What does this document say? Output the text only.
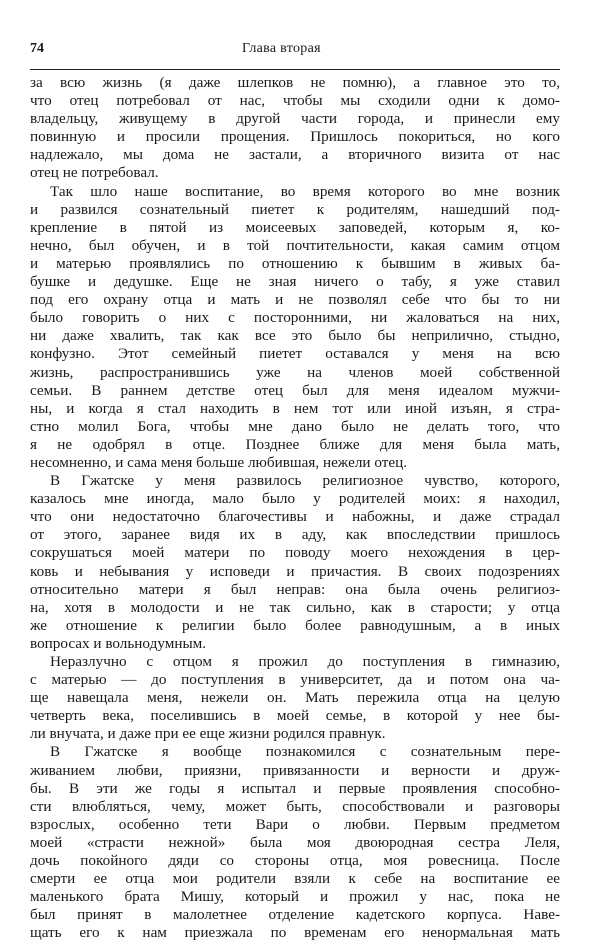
74	Глава вторая
за всю жизнь (я даже шлепков не помню), а главное это то,
что отец потребовал от нас, чтобы мы сходили одни к домо-
владельцу, живущему в другой части города, и принесли ему
повинную и просили прощения. Пришлось покориться, но кого
надлежало, мы дома не застали, а вторичного визита от нас
отец не потребовал.
Так шло наше воспитание, во время которого во мне возник
и развился сознательный пиетет к родителям, нашедший под-
крепление в пятой из моисеевых заповедей, которым я, ко-
нечно, был обучен, и в той почтительности, какая самим отцом
и матерью проявлялись по отношению к бывшим в живых ба-
бушке и дедушке. Еще не зная ничего о табу, я уже ставил
под его охрану отца и мать и не позволял себе что бы то ни
было говорить о них с посторонними, ни жаловаться на них,
ни даже хвалить, так как все это было бы неприлично, стыдно,
конфузно. Этот семейный пиетет оставался у меня на всю
жизнь, распространившись уже на членов моей собственной
семьи. В раннем детстве отец был для меня идеалом мужчи-
ны, и когда я стал находить в нем тот или иной изъян, я стра-
стно молил Бога, чтобы мне дано было не делать того, что
я не одобрял в отце. Позднее ближе для меня была мать,
несомненно, и сама меня больше любившая, нежели отец.
В Гжатске у меня развилось религиозное чувство, которого,
казалось мне иногда, мало было у родителей моих: я находил,
что они недостаточно благочестивы и набожны, и даже страдал
от этого, заранее видя их в аду, как впоследствии пришлось
сокрушаться моей матери по поводу моего нехождения в цер-
ковь и небывания у исповеди и причастия. В своих подозрениях
относительно матери я был неправ: она была очень религиоз-
на, хотя в молодости и не так сильно, как в старости; у отца
же отношение к религии было более равнодушным, а в иных
вопросах и вольнодумным.
Неразлучно с отцом я прожил до поступления в гимназию,
с матерью — до поступления в университет, да и потом она ча-
ще навещала меня, нежели он. Мать пережила отца на целую
четверть века, поселившись в моей семье, в которой у нее бы-
ли внучата, и даже при ее еще жизни родился правнук.
В Гжатске я вообще познакомился с сознательным пере-
живанием любви, приязни, привязанности и верности и друж-
бы. В эти же годы я испытал и первые проявления способно-
сти влюбляться, чему, может быть, способствовали и разговоры
взрослых, особенно тети Вари о любви. Первым предметом
моей «страсти нежной» была моя двоюродная сестра Леля,
дочь покойного дяди со стороны отца, моя ровесница. После
смерти ее отца мои родители взяли к себе на воспитание ее
маленького брата Мишу, который и прожил у нас, пока не
был принят в малолетнее отделение кадетского корпуса. Наве-
щать его к нам приезжала по временам его ненормальная мать
